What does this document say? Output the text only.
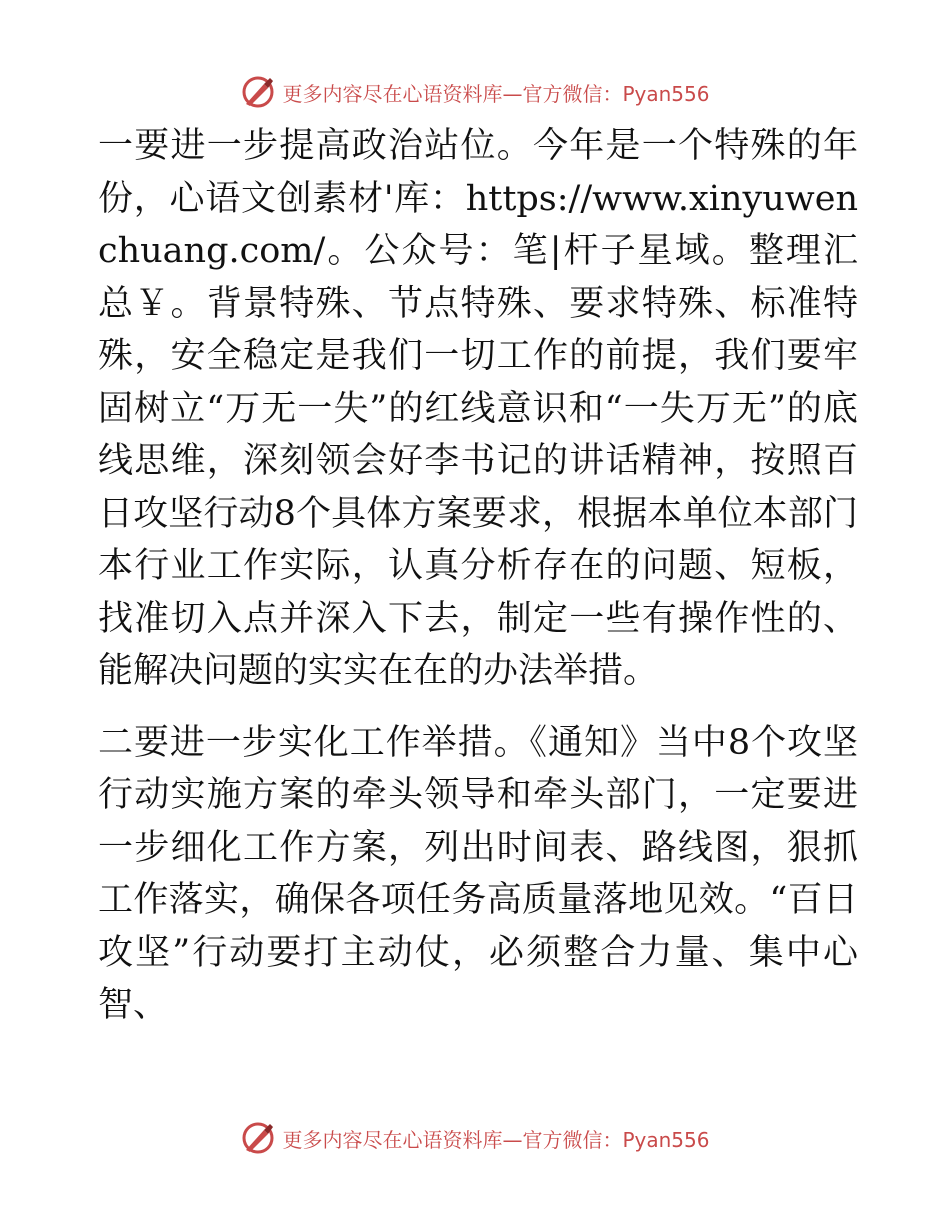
更多内容尽在心语资料库—官方微信：Pyan556

一要进一步提高政治站位。今年是一个特殊的年份，心语文创素材'库：https://www.xinyuwenchuang.com/。公众号：笔|杆子星域。整理汇总￥。背景特殊、节点特殊、要求特殊、标准特殊，安全稳定是我们一切工作的前提，我们要牢固树立“万无一失”的红线意识和“一失万无”的底线思维，深刻领会好李书记的讲话精神，按照百日攻坚行动8个具体方案要求，根据本单位本部门本行业工作实际，认真分析存在的问题、短板，找准切入点并深入下去，制定一些有操作性的、能解决问题的实实在在的办法举措。

二要进一步实化工作举措。《通知》当中8个攻坚行动实施方案的牵头领导和牵头部门，一定要进一步细化工作方案，列出时间表、路线图，狠抓工作落实，确保各项任务高质量落地见效。“百日攻坚”行动要打主动仗，必须整合力量、集中心智、

更多内容尽在心语资料库—官方微信：Pyan556
